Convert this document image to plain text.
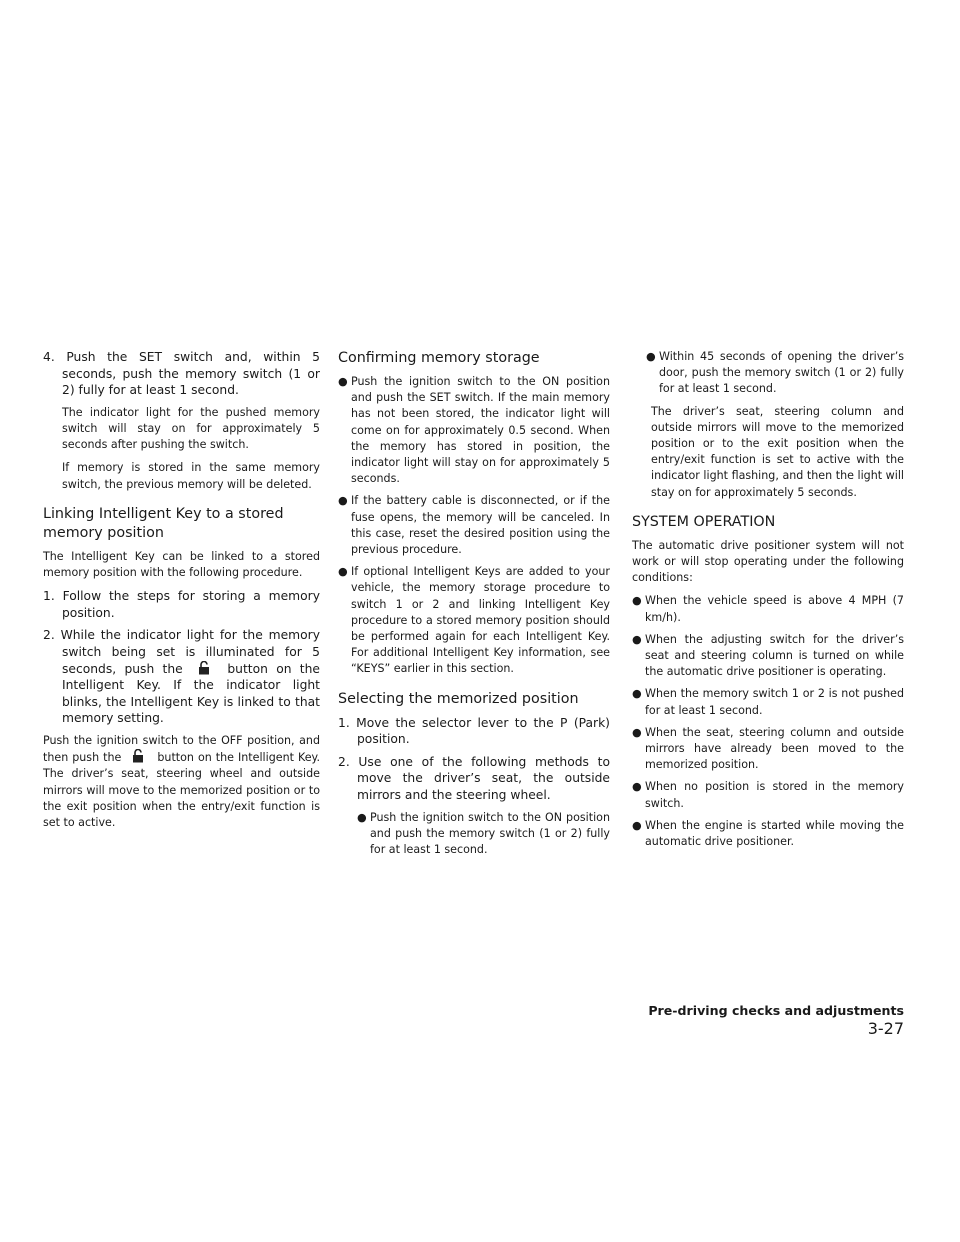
4. Push the SET switch and, within 5 seconds, push the memory switch (1 or 2) fully for at least 1 second.

The indicator light for the pushed memory switch will stay on for approximately 5 seconds after pushing the switch.

If memory is stored in the same memory switch, the previous memory will be deleted.

Linking Intelligent Key to a stored memory position

The Intelligent Key can be linked to a stored memory position with the following procedure.

1. Follow the steps for storing a memory position.
2. While the indicator light for the memory switch being set is illuminated for 5 seconds, push the	button on the Intelligent Key. If the indicator light blinks, the Intelligent Key is linked to that memory setting.

Push the ignition switch to the OFF position, and then push the	button on the Intelligent Key. The driver’s seat, steering wheel and outside mirrors will move to the memorized position or to the exit position when the entry/exit function is set to active.

Confirming memory storage
● Push the ignition switch to the ON position and push the SET switch. If the main memory has not been stored, the indicator light will come on for approximately 0.5 second. When the memory has stored in position, the indicator light will stay on for approximately 5 seconds.
● If the battery cable is disconnected, or if the fuse opens, the memory will be canceled. In this case, reset the desired position using the previous procedure.
● If optional Intelligent Keys are added to your vehicle, the memory storage procedure to switch 1 or 2 and linking Intelligent Key procedure to a stored memory position should be performed again for each Intelligent Key. For additional Intelligent Key information, see “KEYS” earlier in this section.
Selecting the memorized position
1. Move the selector lever to the P (Park) position.
2. Use one of the following methods to move the driver’s seat, the outside mirrors and the steering wheel.
● Push the ignition switch to the ON position and push the memory switch (1 or 2) fully for at least 1 second.
● Within 45 seconds of opening the driver’s door, push the memory switch (1 or 2) fully for at least 1 second.

The driver’s seat, steering column and outside mirrors will move to the memorized position or to the exit position when the entry/exit function is set to active with the indicator light flashing, and then the light will stay on for approximately 5 seconds.

SYSTEM OPERATION

The automatic drive positioner system will not work or will stop operating under the following conditions:

● When the vehicle speed is above 4 MPH (7 km/h).
● When the adjusting switch for the driver’s seat and steering column is turned on while the automatic drive positioner is operating.
● When the memory switch 1 or 2 is not pushed for at least 1 second.
● When the seat, steering column and outside mirrors have already been moved to the memorized position.
● When no position is stored in the memory switch.
● When the engine is started while moving the automatic drive positioner.
Pre-driving checks and adjustments 3-27
